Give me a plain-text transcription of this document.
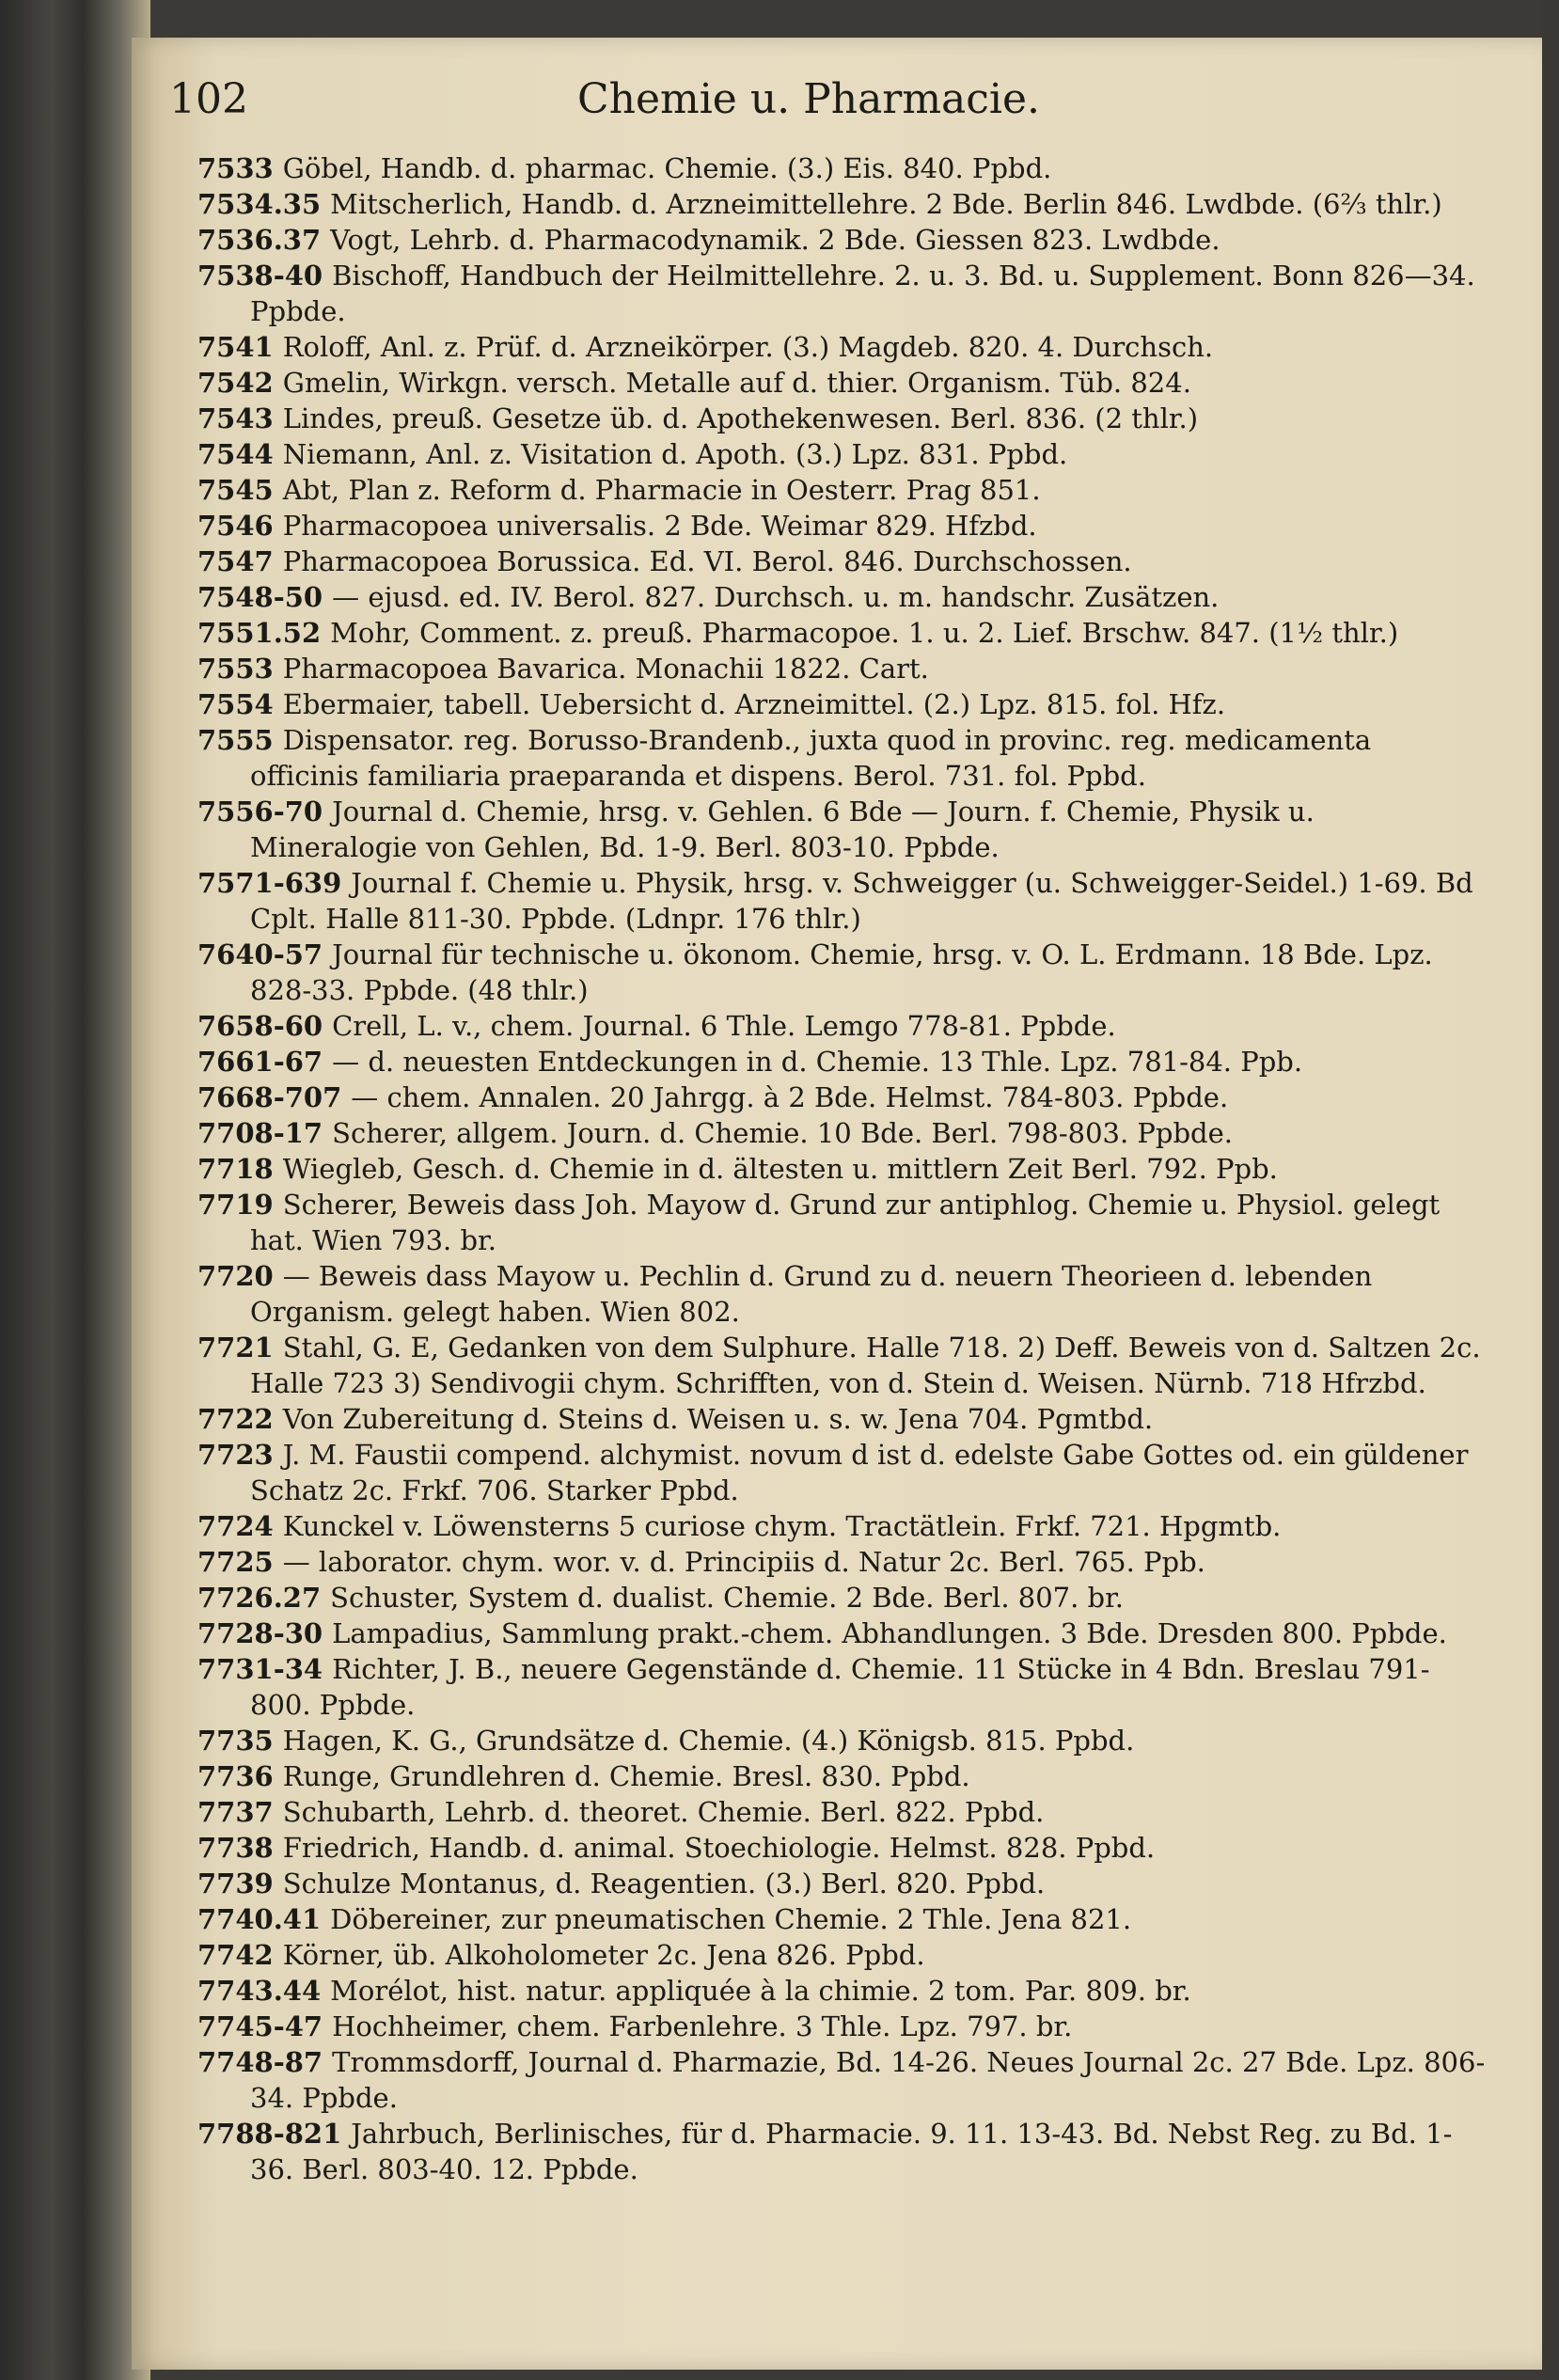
102	Chemie u. Pharmacie.
7533 Göbel, Handb. d. pharmac. Chemie. (3.) Eis. 840. Ppbd.
7534.35 Mitscherlich, Handb. d. Arzneimittellehre. 2 Bde. Berlin 846. Lwdbde. (6⅔ thlr.)
7536.37 Vogt, Lehrb. d. Pharmacodynamik. 2 Bde. Giessen 823. Lwdbde.
7538-40 Bischoff, Handbuch der Heilmittellehre. 2. u. 3. Bd. u. Supplement. Bonn 826—34. Ppbde.
7541 Roloff, Anl. z. Prüf. d. Arzneikörper. (3.) Magdeb. 820. 4. Durchsch.
7542 Gmelin, Wirkgn. versch. Metalle auf d. thier. Organism. Tüb. 824.
7543 Lindes, preuß. Gesetze üb. d. Apothekenwesen. Berl. 836. (2 thlr.)
7544 Niemann, Anl. z. Visitation d. Apoth. (3.) Lpz. 831. Ppbd.
7545 Abt, Plan z. Reform d. Pharmacie in Oesterr. Prag 851.
7546 Pharmacopoea universalis. 2 Bde. Weimar 829. Hfzbd.
7547 Pharmacopoea Borussica. Ed. VI. Berol. 846. Durchschossen.
7548-50 — ejusd. ed. IV. Berol. 827. Durchsch. u. m. handschr. Zusätzen.
7551.52 Mohr, Comment. z. preuß. Pharmacopoe. 1. u. 2. Lief. Brschw. 847. (1½ thlr.)
7553 Pharmacopoea Bavarica. Monachii 1822. Cart.
7554 Ebermaier, tabell. Uebersicht d. Arzneimittel. (2.) Lpz. 815. fol. Hfz.
7555 Dispensator. reg. Borusso-Brandenb., juxta quod in provinc. reg. medicamenta officinis familiaria praeparanda et dispens. Berol. 731. fol. Ppbd.
7556-70 Journal d. Chemie, hrsg. v. Gehlen. 6 Bde — Journ. f. Chemie, Physik u. Mineralogie von Gehlen, Bd. 1-9. Berl. 803-10. Ppbde.
7571-639 Journal f. Chemie u. Physik, hrsg. v. Schweigger (u. Schweigger-Seidel.) 1-69. Bd Cplt. Halle 811-30. Ppbde. (Ldnpr. 176 thlr.)
7640-57 Journal für technische u. ökonom. Chemie, hrsg. v. O. L. Erdmann. 18 Bde. Lpz. 828-33. Ppbde. (48 thlr.)
7658-60 Crell, L. v., chem. Journal. 6 Thle. Lemgo 778-81. Ppbde.
7661-67 — d. neuesten Entdeckungen in d. Chemie. 13 Thle. Lpz. 781-84. Ppb.
7668-707 — chem. Annalen. 20 Jahrgg. à 2 Bde. Helmst. 784-803. Ppbde.
7708-17 Scherer, allgem. Journ. d. Chemie. 10 Bde. Berl. 798-803. Ppbde.
7718 Wiegleb, Gesch. d. Chemie in d. ältesten u. mittlern Zeit Berl. 792. Ppb.
7719 Scherer, Beweis dass Joh. Mayow d. Grund zur antiphlog. Chemie u. Physiol. gelegt hat. Wien 793. br.
7720 — Beweis dass Mayow u. Pechlin d. Grund zu d. neuern Theorieen d. lebenden Organism. gelegt haben. Wien 802.
7721 Stahl, G. E, Gedanken von dem Sulphure. Halle 718. 2) Deff. Beweis von d. Saltzen 2c. Halle 723 3) Sendivogii chym. Schrifften, von d. Stein d. Weisen. Nürnb. 718 Hfrzbd.
7722 Von Zubereitung d. Steins d. Weisen u. s. w. Jena 704. Pgmtbd.
7723 J. M. Faustii compend. alchymist. novum d ist d. edelste Gabe Gottes od. ein güldener Schatz 2c. Frkf. 706. Starker Ppbd.
7724 Kunckel v. Löwensterns 5 curiose chym. Tractätlein. Frkf. 721. Hpgmtb.
7725 — laborator. chym. wor. v. d. Principiis d. Natur 2c. Berl. 765. Ppb.
7726.27 Schuster, System d. dualist. Chemie. 2 Bde. Berl. 807. br.
7728-30 Lampadius, Sammlung prakt.-chem. Abhandlungen. 3 Bde. Dresden 800. Ppbde.
7731-34 Richter, J. B., neuere Gegenstände d. Chemie. 11 Stücke in 4 Bdn. Breslau 791-800. Ppbde.
7735 Hagen, K. G., Grundsätze d. Chemie. (4.) Königsb. 815. Ppbd.
7736 Runge, Grundlehren d. Chemie. Bresl. 830. Ppbd.
7737 Schubarth, Lehrb. d. theoret. Chemie. Berl. 822. Ppbd.
7738 Friedrich, Handb. d. animal. Stoechiologie. Helmst. 828. Ppbd.
7739 Schulze Montanus, d. Reagentien. (3.) Berl. 820. Ppbd.
7740.41 Döbereiner, zur pneumatischen Chemie. 2 Thle. Jena 821.
7742 Körner, üb. Alkoholometer 2c. Jena 826. Ppbd.
7743.44 Morélot, hist. natur. appliquée à la chimie. 2 tom. Par. 809. br.
7745-47 Hochheimer, chem. Farbenlehre. 3 Thle. Lpz. 797. br.
7748-87 Trommsdorff, Journal d. Pharmazie, Bd. 14-26. Neues Journal 2c. 27 Bde. Lpz. 806-34. Ppbde.
7788-821 Jahrbuch, Berlinisches, für d. Pharmacie. 9. 11. 13-43. Bd. Nebst Reg. zu Bd. 1-36. Berl. 803-40. 12. Ppbde.
